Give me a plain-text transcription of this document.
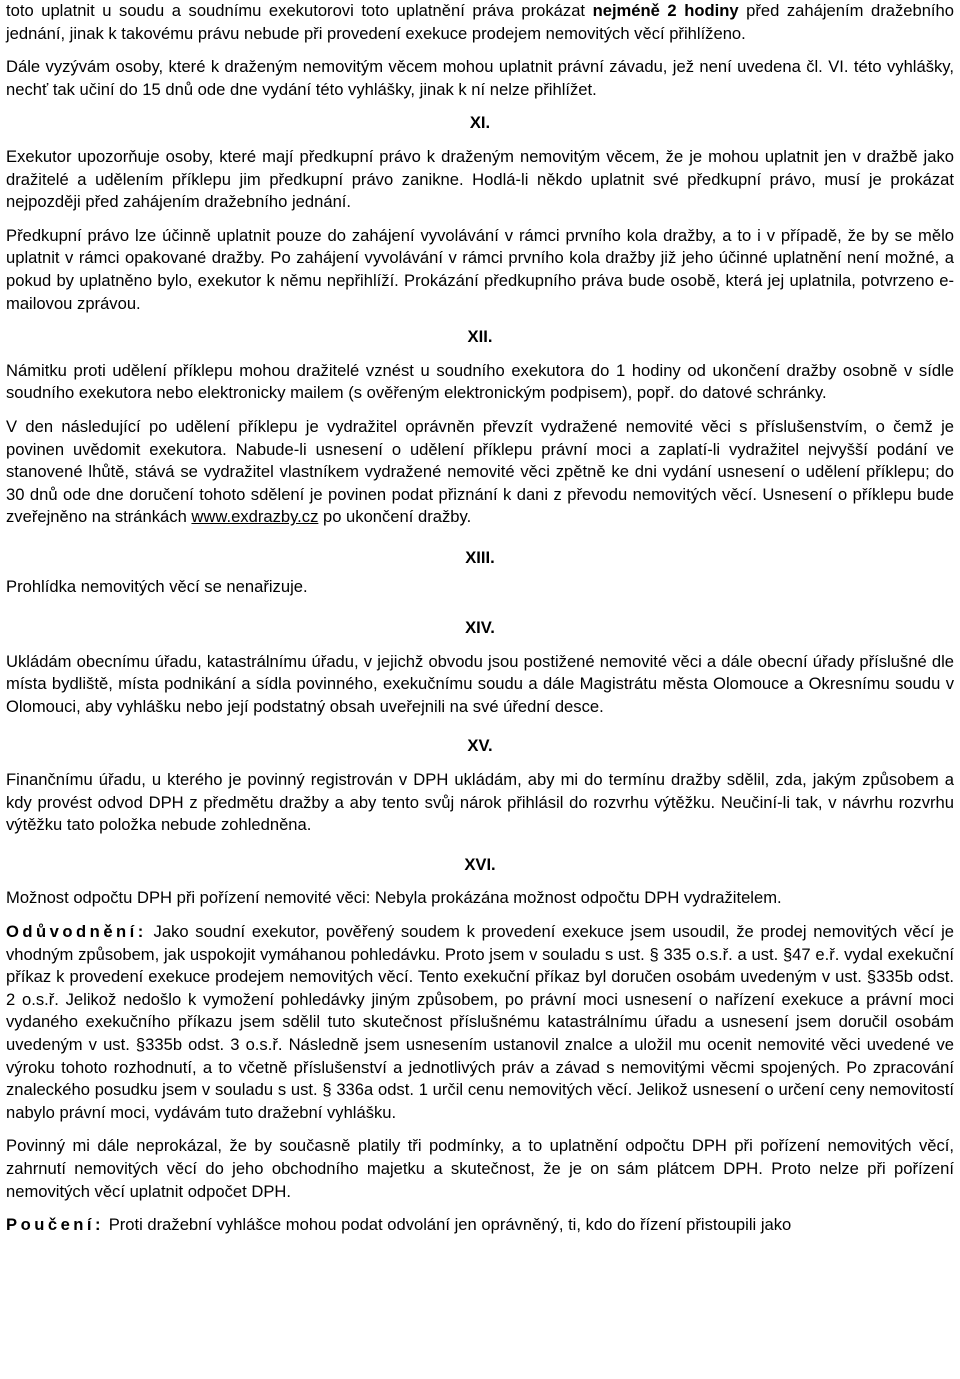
toto uplatnit u soudu a soudnímu exekutorovi toto uplatnění práva prokázat nejméně 2 hodiny před zahájením dražebního jednání, jinak k takovému právu nebude při provedení exekuce prodejem nemovitých věcí přihlíženo.

Dále vyzývám osoby, které k draženým nemovitým věcem mohou uplatnit právní závadu, jež není uvedena čl. VI. této vyhlášky, nechť tak učiní do 15 dnů ode dne vydání této vyhlášky, jinak k ní nelze přihlížet.

XI.

Exekutor upozorňuje osoby, které mají předkupní právo k draženým nemovitým věcem, že je mohou uplatnit jen v dražbě jako dražitelé a udělením příklepu jim předkupní právo zanikne. Hodlá-li někdo uplatnit své předkupní právo, musí je prokázat nejpozději před zahájením dražebního jednání.

Předkupní právo lze účinně uplatnit pouze do zahájení vyvolávání v rámci prvního kola dražby, a to i v případě, že by se mělo uplatnit v rámci opakované dražby. Po zahájení vyvolávání v rámci prvního kola dražby již jeho účinné uplatnění není možné, a pokud by uplatněno bylo, exekutor k němu nepřihlíží. Prokázání předkupního práva bude osobě, která jej uplatnila, potvrzeno e-mailovou zprávou.

XII.

Námitku proti udělení příklepu mohou dražitelé vznést u soudního exekutora do 1 hodiny od ukončení dražby osobně v sídle soudního exekutora nebo elektronicky mailem (s ověřeným elektronickým podpisem), popř. do datové schránky.

V den následující po udělení příklepu je vydražitel oprávněn převzít vydražené nemovité věci s příslušenstvím, o čemž je povinen uvědomit exekutora. Nabude-li usnesení o udělení příklepu právní moci a zaplatí-li vydražitel nejvyšší podání ve stanovené lhůtě, stává se vydražitel vlastníkem vydražené nemovité věci zpětně ke dni vydání usnesení o udělení příklepu; do 30 dnů ode dne doručení tohoto sdělení je povinen podat přiznání k dani z převodu nemovitých věcí. Usnesení o příklepu bude zveřejněno na stránkách www.exdrazby.cz po ukončení dražby.

XIII.

Prohlídka nemovitých věcí se nenařizuje.

XIV.

Ukládám obecnímu úřadu, katastrálnímu úřadu, v jejichž obvodu jsou postižené nemovité věci a dále obecní úřady příslušné dle místa bydliště, místa podnikání a sídla povinného, exekučnímu soudu a dále Magistrátu města Olomouce a Okresnímu soudu v Olomouci, aby vyhlášku nebo její podstatný obsah uveřejnili na své úřední desce.

XV.

Finančnímu úřadu, u kterého je povinný registrován v DPH ukládám, aby mi do termínu dražby sdělil, zda, jakým způsobem a kdy provést odvod DPH z předmětu dražby a aby tento svůj nárok přihlásil do rozvrhu výtěžku. Neučiní-li tak, v návrhu rozvrhu výtěžku tato položka nebude zohledněna.

XVI.

Možnost odpočtu DPH při pořízení nemovité věci: Nebyla prokázána možnost odpočtu DPH vydražitelem.

Odůvodnění: Jako soudní exekutor, pověřený soudem k provedení exekuce jsem usoudil, že prodej nemovitých věcí je vhodným způsobem, jak uspokojit vymáhanou pohledávku. Proto jsem v souladu s ust. § 335 o.s.ř. a ust. §47 e.ř. vydal exekuční příkaz k provedení exekuce prodejem nemovitých věcí. Tento exekuční příkaz byl doručen osobám uvedeným v ust. §335b odst. 2 o.s.ř. Jelikož nedošlo k vymožení pohledávky jiným způsobem, po právní moci usnesení o nařízení exekuce a právní moci vydaného exekučního příkazu jsem sdělil tuto skutečnost příslušnému katastrálnímu úřadu a usnesení jsem doručil osobám uvedeným v ust. §335b odst. 3 o.s.ř. Následně jsem usnesením ustanovil znalce a uložil mu ocenit nemovité věci uvedené ve výroku tohoto rozhodnutí, a to včetně příslušenství a jednotlivých práv a závad s nemovitými věcmi spojených. Po zpracování znaleckého posudku jsem v souladu s ust. § 336a odst. 1 určil cenu nemovitých věcí. Jelikož usnesení o určení ceny nemovitostí nabylo právní moci, vydávám tuto dražební vyhlášku.

Povinný mi dále neprokázal, že by současně platily tři podmínky, a to uplatnění odpočtu DPH při pořízení nemovitých věcí, zahrnutí nemovitých věcí do jeho obchodního majetku a skutečnost, že je on sám plátcem DPH. Proto nelze při pořízení nemovitých věcí uplatnit odpočet DPH.

Poučení: Proti dražební vyhlášce mohou podat odvolání jen oprávněný, ti, kdo do řízení přistoupili jako
